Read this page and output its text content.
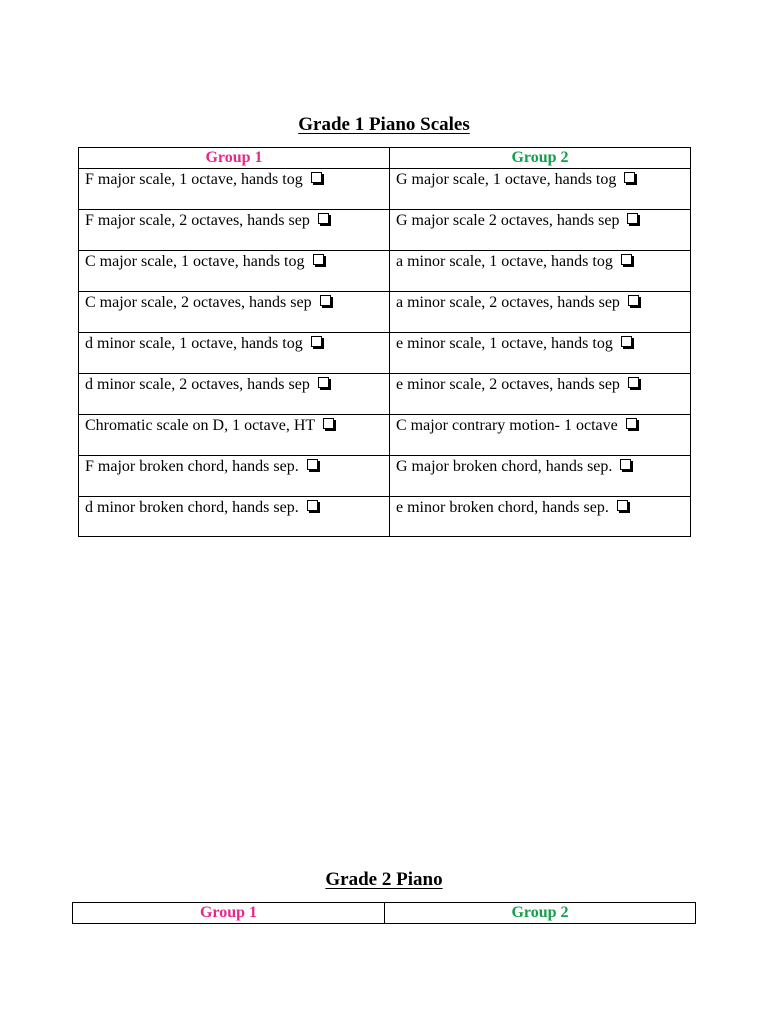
Grade 1 Piano Scales
Group 1	Group 2
F major scale, 1 octave, hands tog	G major scale, 1 octave, hands tog
F major scale, 2 octaves, hands sep	G major scale 2 octaves, hands sep
C major scale, 1 octave, hands tog	a minor scale, 1 octave, hands tog
C major scale, 2 octaves, hands sep	a minor scale, 2 octaves, hands sep
d minor scale, 1 octave, hands tog	e minor scale, 1 octave, hands tog
d minor scale, 2 octaves, hands sep	e minor scale, 2 octaves, hands sep
Chromatic scale on D, 1 octave, HT	C major contrary motion- 1 octave
F major broken chord, hands sep.	G major broken chord, hands sep.
d minor broken chord, hands sep.	e minor broken chord, hands sep.
Grade 2 Piano
Group 1	Group 2
